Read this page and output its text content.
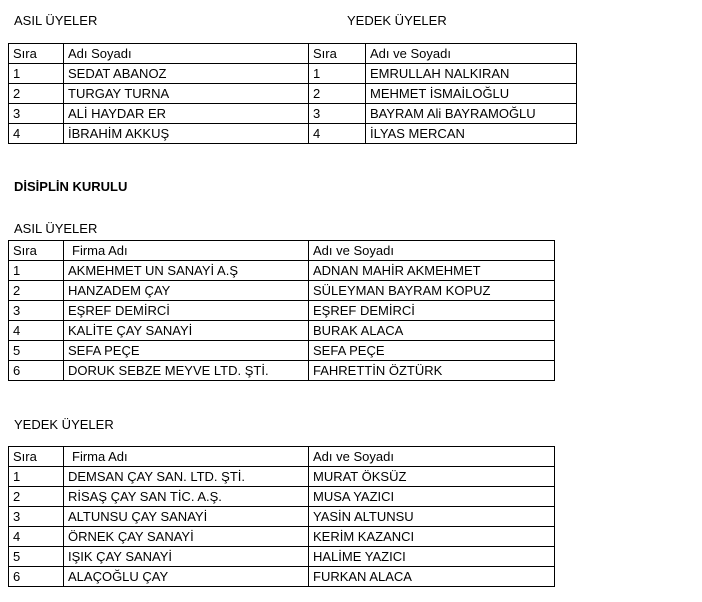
ASIL ÜYELER	YEDEK ÜYELER
Sıra	Adı Soyadı	Sıra	Adı ve Soyadı
1	SEDAT ABANOZ	1	EMRULLAH NALKIRAN
2	TURGAY TURNA	2	MEHMET İSMAİLOĞLU
3	ALİ HAYDAR ER	3	BAYRAM Ali BAYRAMOĞLU
4	İBRAHİM AKKUŞ	4	İLYAS MERCAN
DİSİPLİN KURULU
ASIL ÜYELER
Sıra	Firma Adı	Adı ve Soyadı
1	AKMEHMET UN SANAYİ A.Ş	ADNAN MAHİR AKMEHMET
2	HANZADEM ÇAY	SÜLEYMAN BAYRAM KOPUZ
3	EŞREF DEMİRCİ	EŞREF DEMİRCİ
4	KALİTE ÇAY SANAYİ	BURAK ALACA
5	SEFA PEÇE	SEFA PEÇE
6	DORUK SEBZE MEYVE LTD. ŞTİ.	FAHRETTİN ÖZTÜRK
YEDEK ÜYELER
Sıra	Firma Adı	Adı ve Soyadı
1	DEMSAN ÇAY SAN. LTD. ŞTİ.	MURAT ÖKSÜZ
2	RİSAŞ ÇAY SAN TİC. A.Ş.	MUSA YAZICI
3	ALTUNSU ÇAY SANAYİ	YASİN ALTUNSU
4	ÖRNEK ÇAY SANAYİ	KERİM KAZANCI
5	IŞIK ÇAY SANAYİ	HALİME YAZICI
6	ALAÇOĞLU ÇAY	FURKAN ALACA
